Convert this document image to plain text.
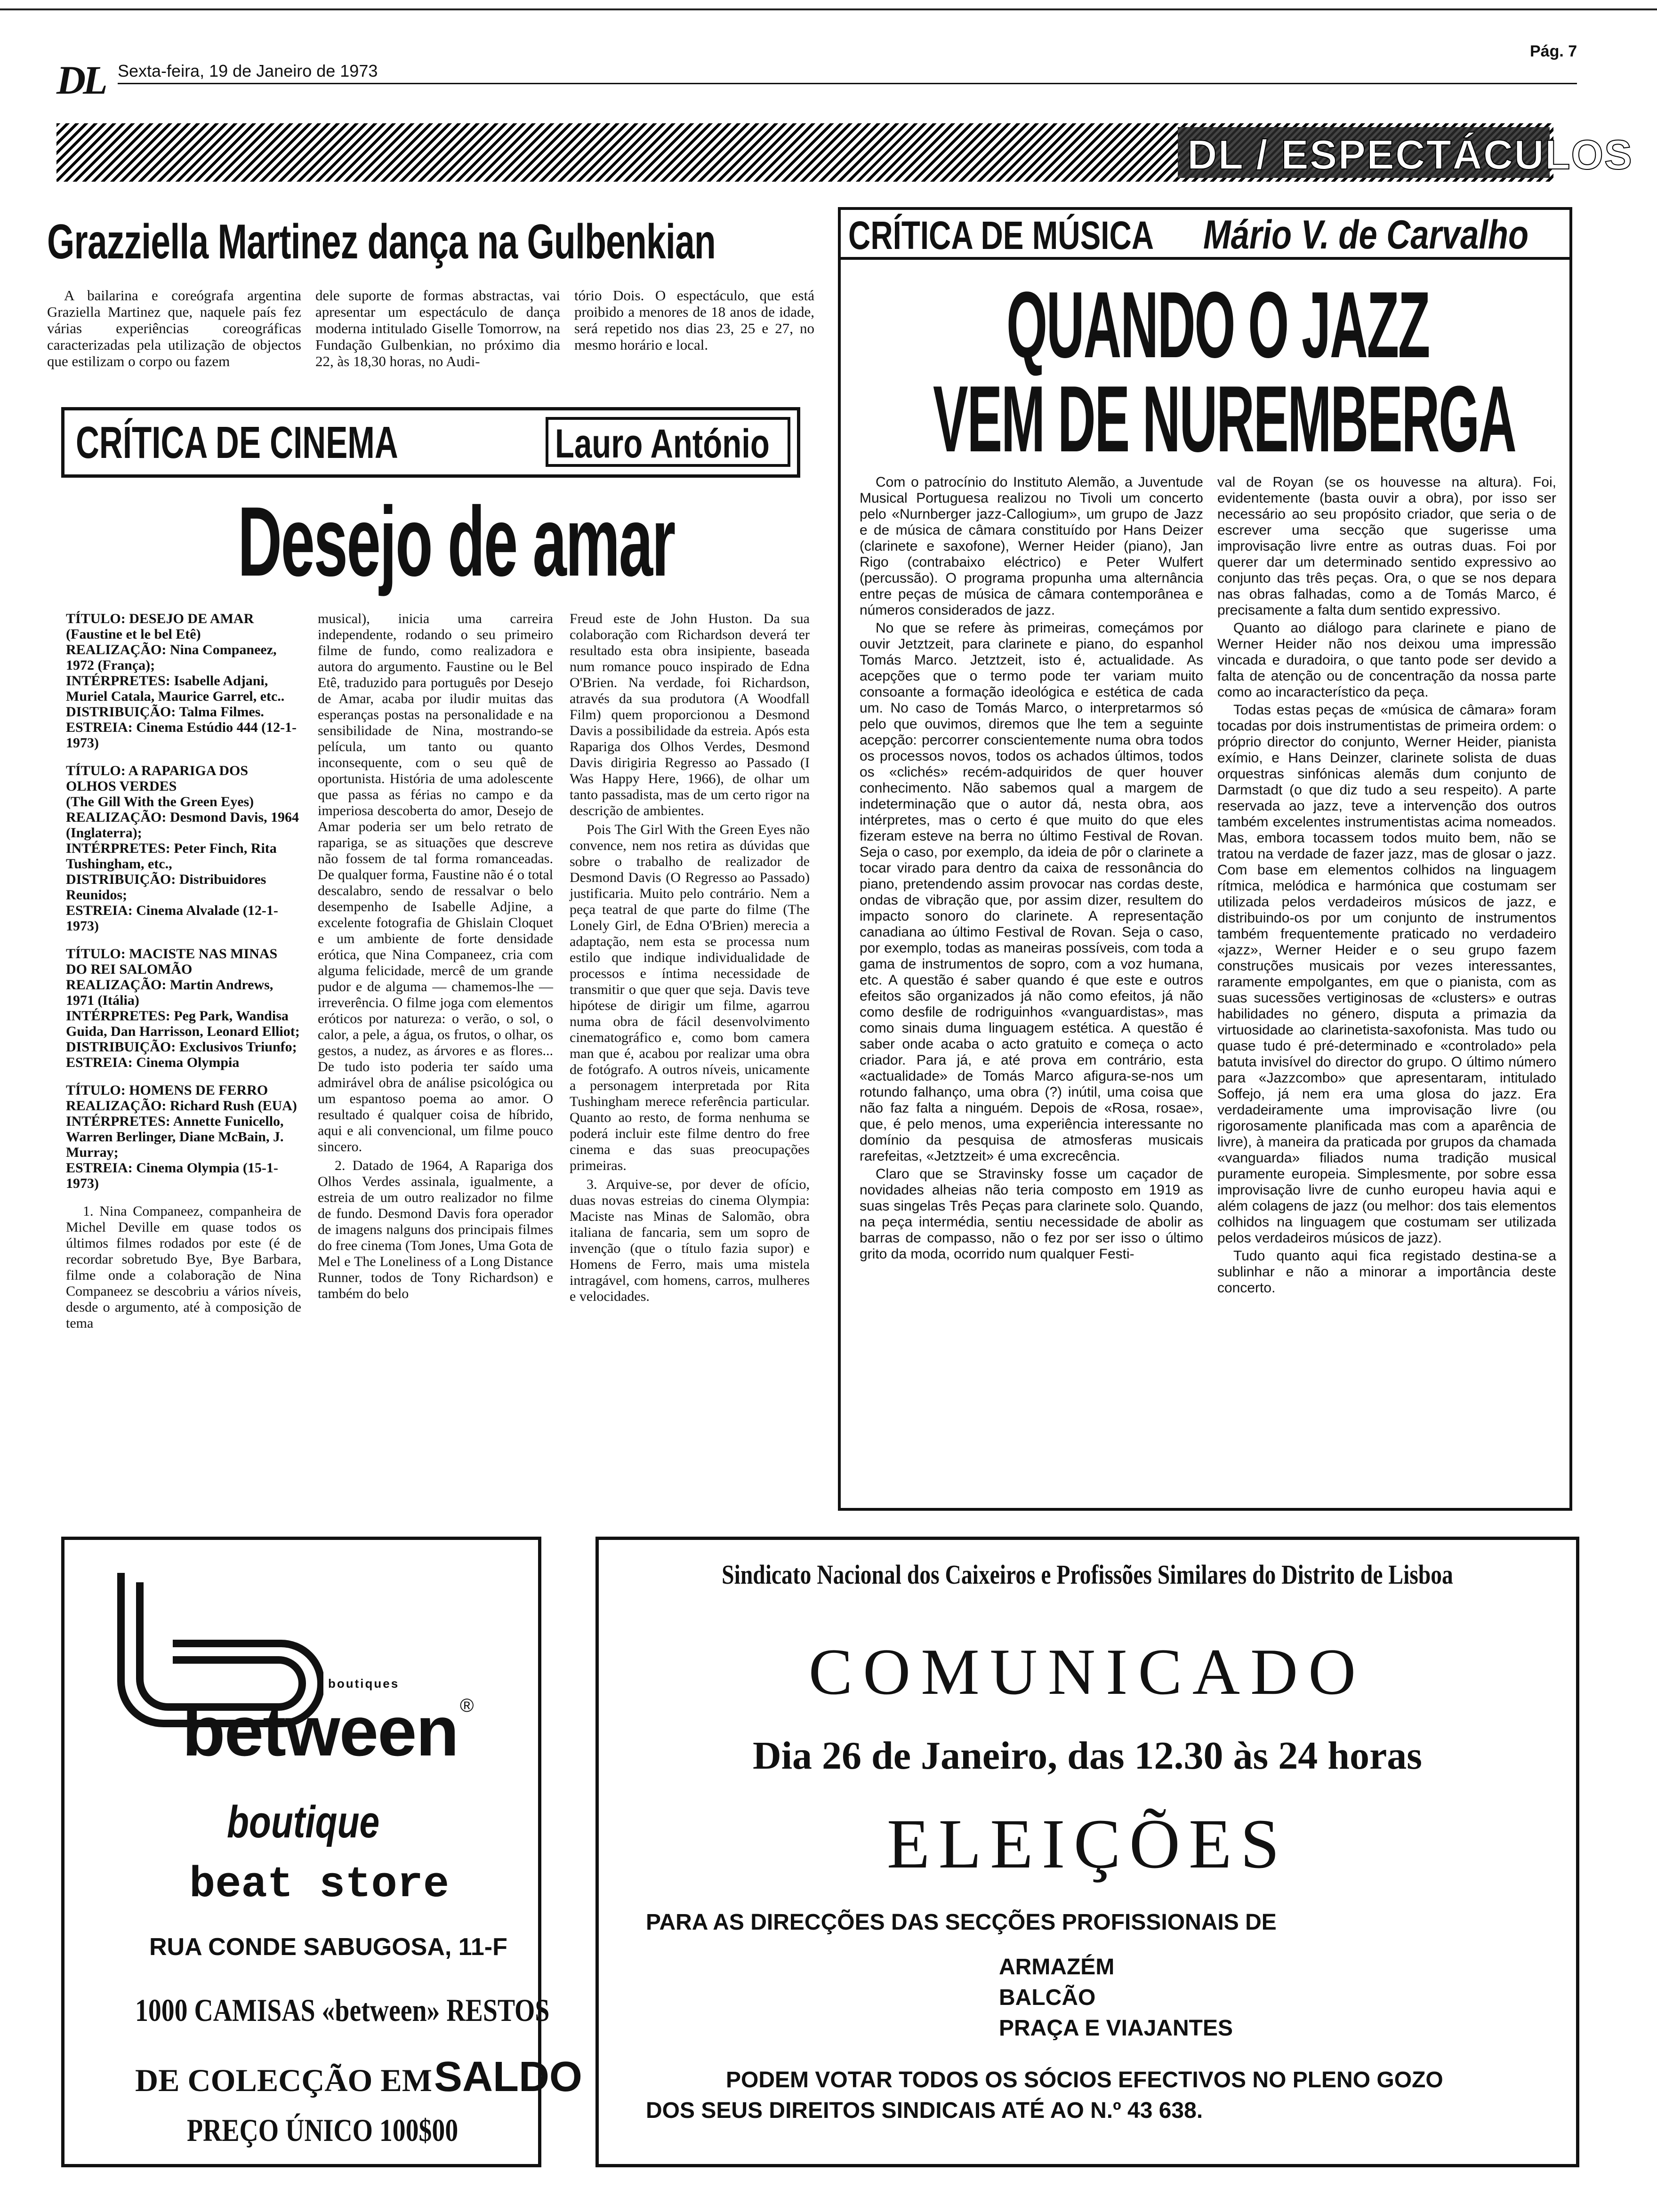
DL Sexta-feira, 19 de Janeiro de 1973
Pág. 7
DL / ESPECTÁCULOS
Grazziella Martinez dança na Gulbenkian

A bailarina e coreógrafa argentina Graziella Martinez que, naquele país fez várias experiências coreográficas caracterizadas pela utilização de objectos que estilizam o corpo ou fazem

dele suporte de formas abstractas, vai apresentar um espectáculo de dança moderna intitulado Giselle Tomorrow, na Fundação Gulbenkian, no próximo dia 22, às 18,30 horas, no Audi-

tório Dois. O espectáculo, que está proibido a menores de 18 anos de idade, será repetido nos dias 23, 25 e 27, no mesmo horário e local.

CRÍTICA DE CINEMA	Lauro António
Desejo de amar
TÍTULO: DESEJO DE AMAR
(Faustine et le bel Etê)
REALIZAÇÃO: Nina Companeez, 1972 (França);
INTÉRPRETES: Isabelle Adjani, Muriel Catala, Maurice Garrel, etc..
DISTRIBUIÇÃO: Talma Filmes.
ESTREIA: Cinema Estúdio 444 (12-1-1973)
TÍTULO: A RAPARIGA DOS OLHOS VERDES
(The Gill With the Green Eyes)
REALIZAÇÃO: Desmond Davis, 1964 (Inglaterra);
INTÉRPRETES: Peter Finch, Rita Tushingham, etc.,
DISTRIBUIÇÃO: Distribuidores Reunidos;
ESTREIA: Cinema Alvalade (12-1-1973)
TÍTULO: MACISTE NAS MINAS DO REI SALOMÃO
REALIZAÇÃO: Martin Andrews, 1971 (Itália)
INTÉRPRETES: Peg Park, Wandisa Guida, Dan Harrisson, Leonard Elliot;
DISTRIBUIÇÃO: Exclusivos Triunfo;
ESTREIA: Cinema Olympia
TÍTULO: HOMENS DE FERRO
REALIZAÇÃO: Richard Rush (EUA)
INTÉRPRETES: Annette Funicello, Warren Berlinger, Diane McBain, J. Murray;
ESTREIA: Cinema Olympia (15-1-1973)

1. Nina Companeez, companheira de Michel Deville em quase todos os últimos filmes rodados por este (é de recordar sobretudo Bye, Bye Barbara, filme onde a colaboração de Nina Companeez se descobriu a vários níveis, desde o argumento, até à composição de tema

musical), inicia uma carreira independente, rodando o seu primeiro filme de fundo, como realizadora e autora do argumento. Faustine ou le Bel Etê, traduzido para português por Desejo de Amar, acaba por iludir muitas das esperanças postas na personalidade e na sensibilidade de Nina, mostrando-se película, um tanto ou quanto inconsequente, com o seu quê de oportunista. História de uma adolescente que passa as férias no campo e da imperiosa descoberta do amor, Desejo de Amar poderia ser um belo retrato de rapariga, se as situações que descreve não fossem de tal forma romanceadas. De qualquer forma, Faustine não é o total descalabro, sendo de ressalvar o belo desempenho de Isabelle Adjine, a excelente fotografia de Ghislain Cloquet e um ambiente de forte densidade erótica, que Nina Companeez, cria com alguma felicidade, mercê de um grande pudor e de alguma — chamemos-lhe — irreverência. O filme joga com elementos eróticos por natureza: o verão, o sol, o calor, a pele, a água, os frutos, o olhar, os gestos, a nudez, as árvores e as flores... De tudo isto poderia ter saído uma admirável obra de análise psicológica ou um espantoso poema ao amor. O resultado é qualquer coisa de híbrido, aqui e ali convencional, um filme pouco sincero.

2. Datado de 1964, A Rapariga dos Olhos Verdes assinala, igualmente, a estreia de um outro realizador no filme de fundo. Desmond Davis fora operador de imagens nalguns dos principais filmes do free cinema (Tom Jones, Uma Gota de Mel e The Loneliness of a Long Distance Runner, todos de Tony Richardson) e também do belo

Freud este de John Huston. Da sua colaboração com Richardson deverá ter resultado esta obra insipiente, baseada num romance pouco inspirado de Edna O'Brien. Na verdade, foi Richardson, através da sua produtora (A Woodfall Film) quem proporcionou a Desmond Davis a possibilidade da estreia. Após esta Rapariga dos Olhos Verdes, Desmond Davis dirigiria Regresso ao Passado (I Was Happy Here, 1966), de olhar um tanto passadista, mas de um certo rigor na descrição de ambientes.

Pois The Girl With the Green Eyes não convence, nem nos retira as dúvidas que sobre o trabalho de realizador de Desmond Davis (O Regresso ao Passado) justificaria. Muito pelo contrário. Nem a peça teatral de que parte do filme (The Lonely Girl, de Edna O'Brien) merecia a adaptação, nem esta se processa num estilo que indique individualidade de processos e íntima necessidade de transmitir o que quer que seja. Davis teve hipótese de dirigir um filme, agarrou numa obra de fácil desenvolvimento cinematográfico e, como bom camera man que é, acabou por realizar uma obra de fotógrafo. A outros níveis, unicamente a personagem interpretada por Rita Tushingham merece referência particular. Quanto ao resto, de forma nenhuma se poderá incluir este filme dentro do free cinema e das suas preocupações primeiras.

3. Arquive-se, por dever de ofício, duas novas estreias do cinema Olympia: Maciste nas Minas de Salomão, obra italiana de fancaria, sem um sopro de invenção (que o título fazia supor) e Homens de Ferro, mais uma mistela intragável, com homens, carros, mulheres e velocidades.

CRÍTICA DE MÚSICA Mário V. de Carvalho
QUANDO O JAZZ
VEM DE NUREMBERGA

Com o patrocínio do Instituto Alemão, a Juventude Musical Portuguesa realizou no Tivoli um concerto pelo «Nurnberger jazz-Callogium», um grupo de Jazz e de música de câmara constituído por Hans Deizer (clarinete e saxofone), Werner Heider (piano), Jan Rigo (contrabaixo eléctrico) e Peter Wulfert (percussão). O programa propunha uma alternância entre peças de música de câmara contemporânea e números considerados de jazz.

No que se refere às primeiras, começámos por ouvir Jetztzeit, para clarinete e piano, do espanhol Tomás Marco. Jetztzeit, isto é, actualidade. As acepções que o termo pode ter variam muito consoante a formação ideológica e estética de cada um. No caso de Tomás Marco, o interpretarmos só pelo que ouvimos, diremos que lhe tem a seguinte acepção: percorrer conscientemente numa obra todos os processos novos, todos os achados últimos, todos os «clichés» recém-adquiridos de quer houver conhecimento. Não sabemos qual a margem de indeterminação que o autor dá, nesta obra, aos intérpretes, mas o certo é que muito do que eles fizeram esteve na berra no último Festival de Rovan. Seja o caso, por exemplo, da ideia de pôr o clarinete a tocar virado para dentro da caixa de ressonância do piano, pretendendo assim provocar nas cordas deste, ondas de vibração que, por assim dizer, resultem do impacto sonoro do clarinete. A representação canadiana ao último Festival de Rovan. Seja o caso, por exemplo, todas as maneiras possíveis, com toda a gama de instrumentos de sopro, com a voz humana, etc. A questão é saber quando é que este e outros efeitos são organizados já não como efeitos, já não como desfile de rodriguinhos «vanguardistas», mas como sinais duma linguagem estética. A questão é saber onde acaba o acto gratuito e começa o acto criador. Para já, e até prova em contrário, esta «actualidade» de Tomás Marco afigura-se-nos um rotundo falhanço, uma obra (?) inútil, uma coisa que não faz falta a ninguém. Depois de «Rosa, rosae», que, é pelo menos, uma experiência interessante no domínio da pesquisa de atmosferas musicais rarefeitas, «Jetztzeit» é uma excrecência.

Claro que se Stravinsky fosse um caçador de novidades alheias não teria composto em 1919 as suas singelas Três Peças para clarinete solo. Quando, na peça intermédia, sentiu necessidade de abolir as barras de compasso, não o fez por ser isso o último grito da moda, ocorrido num qualquer Festi-

val de Royan (se os houvesse na altura). Foi, evidentemente (basta ouvir a obra), por isso ser necessário ao seu propósito criador, que seria o de escrever uma secção que sugerisse uma improvisação livre entre as outras duas. Foi por querer dar um determinado sentido expressivo ao conjunto das três peças. Ora, o que se nos depara nas obras falhadas, como a de Tomás Marco, é precisamente a falta dum sentido expressivo.

Quanto ao diálogo para clarinete e piano de Werner Heider não nos deixou uma impressão vincada e duradoira, o que tanto pode ser devido a falta de atenção ou de concentração da nossa parte como ao incaracterístico da peça.

Todas estas peças de «música de câmara» foram tocadas por dois instrumentistas de primeira ordem: o próprio director do conjunto, Werner Heider, pianista exímio, e Hans Deinzer, clarinete solista de duas orquestras sinfónicas alemãs dum conjunto de Darmstadt (o que diz tudo a seu respeito). A parte reservada ao jazz, teve a intervenção dos outros também excelentes instrumentistas acima nomeados. Mas, embora tocassem todos muito bem, não se tratou na verdade de fazer jazz, mas de glosar o jazz. Com base em elementos colhidos na linguagem rítmica, melódica e harmónica que costumam ser utilizada pelos verdadeiros músicos de jazz, e distribuindo-os por um conjunto de instrumentos também frequentemente praticado no verdadeiro «jazz», Werner Heider e o seu grupo fazem construções musicais por vezes interessantes, raramente empolgantes, em que o pianista, com as suas sucessões vertiginosas de «clusters» e outras habilidades no género, disputa a primazia da virtuosidade ao clarinetista-saxofonista. Mas tudo ou quase tudo é pré-determinado e «controlado» pela batuta invisível do director do grupo. O último número para «Jazzcombo» que apresentaram, intitulado Soffejo, já nem era uma glosa do jazz. Era verdadeiramente uma improvisação livre (ou rigorosamente planificada mas com a aparência de livre), à maneira da praticada por grupos da chamada «vanguarda» filiados numa tradição musical puramente europeia. Simplesmente, por sobre essa improvisação livre de cunho europeu havia aqui e além colagens de jazz (ou melhor: dos tais elementos colhidos na linguagem que costumam ser utilizada pelos verdadeiros músicos de jazz).

Tudo quanto aqui fica registado destina-se a sublinhar e não a minorar a importância deste concerto.

boutiques
between ®
boutique
beat store
RUA CONDE SABUGOSA, 11-F
1000 CAMISAS «between» RESTOS
DE COLECÇÃO EM SALDO
PREÇO ÚNICO 100$00
Sindicato Nacional dos Caixeiros e Profissões Similares do Distrito de Lisboa
COMUNICADO
Dia 26 de Janeiro, das 12.30 às 24 horas
ELEIÇÕES
PARA AS DIRECÇÕES DAS SECÇÕES PROFISSIONAIS DE
ARMAZÉM
BALCÃO
PRAÇA E VIAJANTES
PODEM VOTAR TODOS OS SÓCIOS EFECTIVOS NO PLENO GOZO
DOS SEUS DIREITOS SINDICAIS ATÉ AO N.º 43 638.
